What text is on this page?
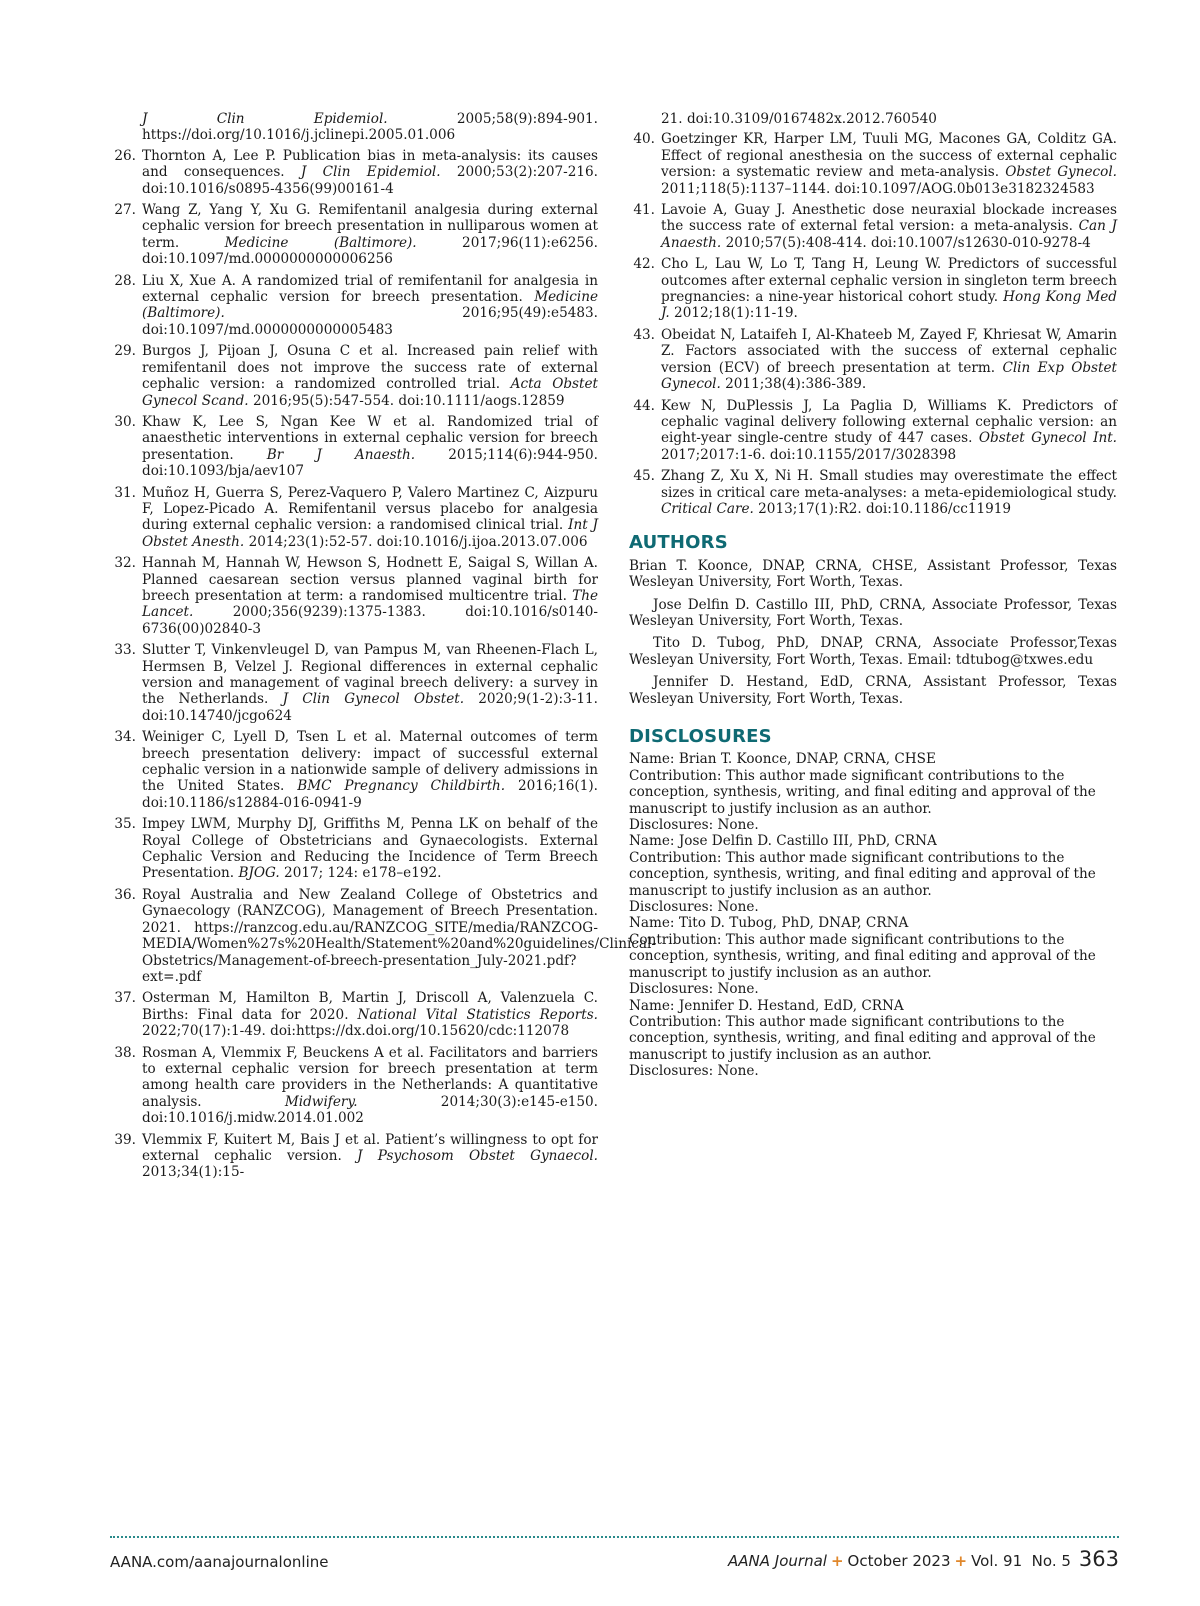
J Clin Epidemiol. 2005;58(9):894-901. https://doi.org/10.1016/j.jclinepi.2005.01.006

26. Thornton A, Lee P. Publication bias in meta-analysis: its causes and consequences. J Clin Epidemiol. 2000;53(2):207-216. doi:10.1016/s0895-4356(99)00161-4

27. Wang Z, Yang Y, Xu G. Remifentanil analgesia during external cephalic version for breech presentation in nulliparous women at term. Medicine (Baltimore). 2017;96(11):e6256. doi:10.1097/md.0000000000006256

28. Liu X, Xue A. A randomized trial of remifentanil for analgesia in external cephalic version for breech presentation. Medicine (Baltimore). 2016;95(49):e5483. doi:10.1097/md.0000000000005483

29. Burgos J, Pijoan J, Osuna C et al. Increased pain relief with remifentanil does not improve the success rate of external cephalic version: a randomized controlled trial. Acta Obstet Gynecol Scand. 2016;95(5):547-554. doi:10.1111/aogs.12859

30. Khaw K, Lee S, Ngan Kee W et al. Randomized trial of anaesthetic interventions in external cephalic version for breech presentation. Br J Anaesth. 2015;114(6):944-950. doi:10.1093/bja/aev107

31. Muñoz H, Guerra S, Perez-Vaquero P, Valero Martinez C, Aizpuru F, Lopez-Picado A. Remifentanil versus placebo for analgesia during external cephalic version: a randomised clinical trial. Int J Obstet Anesth. 2014;23(1):52-57. doi:10.1016/j.ijoa.2013.07.006

32. Hannah M, Hannah W, Hewson S, Hodnett E, Saigal S, Willan A. Planned caesarean section versus planned vaginal birth for breech presentation at term: a randomised multicentre trial. The Lancet. 2000;356(9239):1375-1383. doi:10.1016/s0140-6736(00)02840-3

33. Slutter T, Vinkenvleugel D, van Pampus M, van Rheenen-Flach L, Hermsen B, Velzel J. Regional differences in external cephalic version and management of vaginal breech delivery: a survey in the Netherlands. J Clin Gynecol Obstet. 2020;9(1-2):3-11. doi:10.14740/jcgo624

34. Weiniger C, Lyell D, Tsen L et al. Maternal outcomes of term breech presentation delivery: impact of successful external cephalic version in a nationwide sample of delivery admissions in the United States. BMC Pregnancy Childbirth. 2016;16(1). doi:10.1186/s12884-016-0941-9

35. Impey LWM, Murphy DJ, Griffiths M, Penna LK on behalf of the Royal College of Obstetricians and Gynaecologists. External Cephalic Version and Reducing the Incidence of Term Breech Presentation. BJOG. 2017; 124: e178–e192.

36. Royal Australia and New Zealand College of Obstetrics and Gynaecology (RANZCOG), Management of Breech Presentation. 2021. https://ranzcog.edu.au/RANZCOG_SITE/media/RANZCOG-MEDIA/Women%27s%20Health/Statement%20and%20guidelines/Clinical-Obstetrics/Management-of-breech-presentation_July-2021.pdf?ext=.pdf

37. Osterman M, Hamilton B, Martin J, Driscoll A, Valenzuela C. Births: Final data for 2020. National Vital Statistics Reports. 2022;70(17):1-49. doi:https://dx.doi.org/10.15620/cdc:112078

38. Rosman A, Vlemmix F, Beuckens A et al. Facilitators and barriers to external cephalic version for breech presentation at term among health care providers in the Netherlands: A quantitative analysis. Midwifery. 2014;30(3):e145-e150. doi:10.1016/j.midw.2014.01.002

39. Vlemmix F, Kuitert M, Bais J et al. Patient’s willingness to opt for external cephalic version. J Psychosom Obstet Gynaecol. 2013;34(1):15-

21. doi:10.3109/0167482x.2012.760540

40. Goetzinger KR, Harper LM, Tuuli MG, Macones GA, Colditz GA. Effect of regional anesthesia on the success of external cephalic version: a systematic review and meta-analysis. Obstet Gynecol. 2011;118(5):1137–1144. doi:10.1097/AOG.0b013e3182324583

41. Lavoie A, Guay J. Anesthetic dose neuraxial blockade increases the success rate of external fetal version: a meta-analysis. Can J Anaesth. 2010;57(5):408-414. doi:10.1007/s12630-010-9278-4

42. Cho L, Lau W, Lo T, Tang H, Leung W. Predictors of successful outcomes after external cephalic version in singleton term breech pregnancies: a nine-year historical cohort study. Hong Kong Med J. 2012;18(1):11-19.

43. Obeidat N, Lataifeh I, Al-Khateeb M, Zayed F, Khriesat W, Amarin Z. Factors associated with the success of external cephalic version (ECV) of breech presentation at term. Clin Exp Obstet Gynecol. 2011;38(4):386-389.

44. Kew N, DuPlessis J, La Paglia D, Williams K. Predictors of cephalic vaginal delivery following external cephalic version: an eight-year single-centre study of 447 cases. Obstet Gynecol Int. 2017;2017:1-6. doi:10.1155/2017/3028398

45. Zhang Z, Xu X, Ni H. Small studies may overestimate the effect sizes in critical care meta-analyses: a meta-epidemiological study. Critical Care. 2013;17(1):R2. doi:10.1186/cc11919

AUTHORS

Brian T. Koonce, DNAP, CRNA, CHSE, Assistant Professor, Texas Wesleyan University, Fort Worth, Texas.

Jose Delfin D. Castillo III, PhD, CRNA, Associate Professor, Texas Wesleyan University, Fort Worth, Texas.

Tito D. Tubog, PhD, DNAP, CRNA, Associate Professor,Texas Wesleyan University, Fort Worth, Texas. Email: tdtubog@txwes.edu

Jennifer D. Hestand, EdD, CRNA, Assistant Professor, Texas Wesleyan University, Fort Worth, Texas.

DISCLOSURES

Name: Brian T. Koonce, DNAP, CRNA, CHSE

Contribution: This author made significant contributions to the conception, synthesis, writing, and final editing and approval of the manuscript to justify inclusion as an author.

Disclosures: None.

Name: Jose Delfin D. Castillo III, PhD, CRNA

Contribution: This author made significant contributions to the conception, synthesis, writing, and final editing and approval of the manuscript to justify inclusion as an author.

Disclosures: None.

Name: Tito D. Tubog, PhD, DNAP, CRNA

Contribution: This author made significant contributions to the conception, synthesis, writing, and final editing and approval of the manuscript to justify inclusion as an author.

Disclosures: None.

Name: Jennifer D. Hestand, EdD, CRNA

Contribution: This author made significant contributions to the conception, synthesis, writing, and final editing and approval of the manuscript to justify inclusion as an author.

Disclosures: None.

AANA.com/aanajournalonline	AANA Journal + October 2023 + Vol. 91  No. 5 363
